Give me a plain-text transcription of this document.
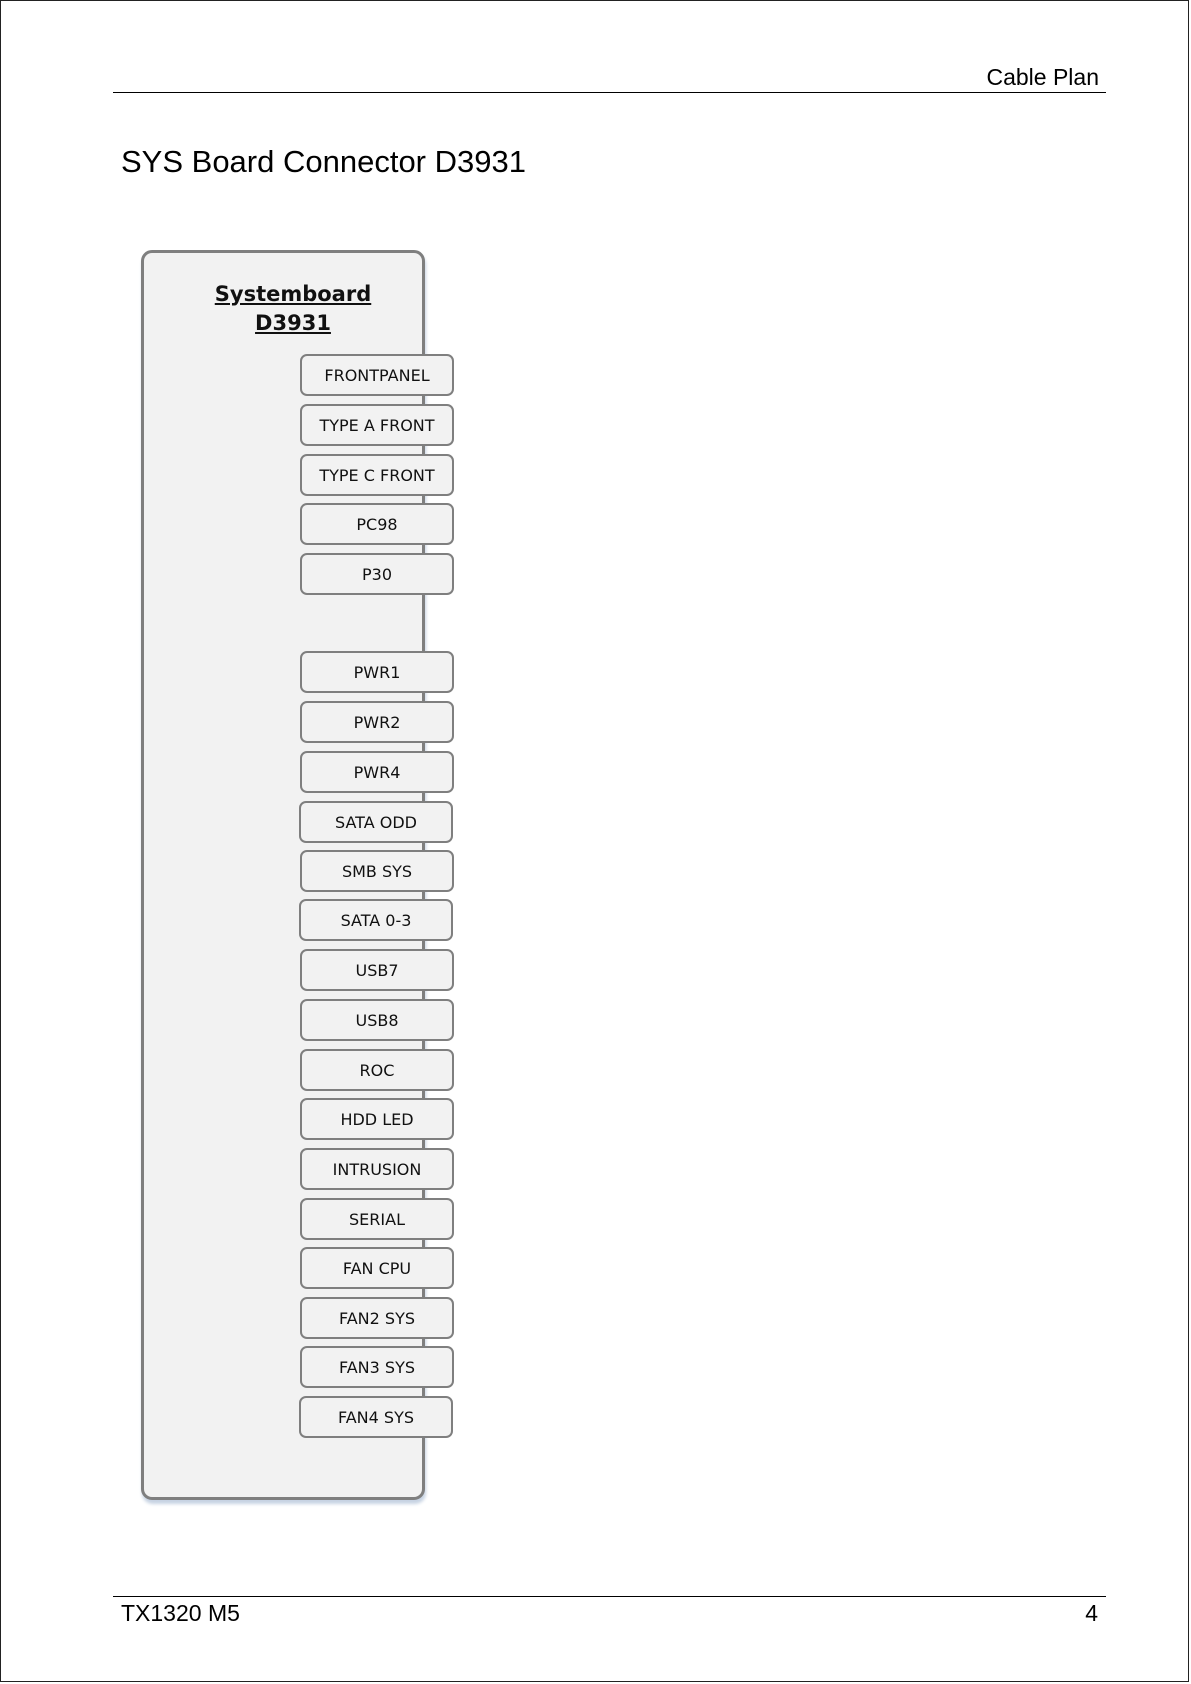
Cable Plan
SYS Board Connector D3931
Systemboard
D3931
FRONTPANEL
TYPE A FRONT
TYPE C FRONT
PC98
P30
PWR1
PWR2
PWR4
SATA ODD
SMB SYS
SATA 0-3
USB7
USB8
ROC
HDD LED
INTRUSION
SERIAL
FAN CPU
FAN2 SYS
FAN3 SYS
FAN4 SYS
TX1320 M5	4
